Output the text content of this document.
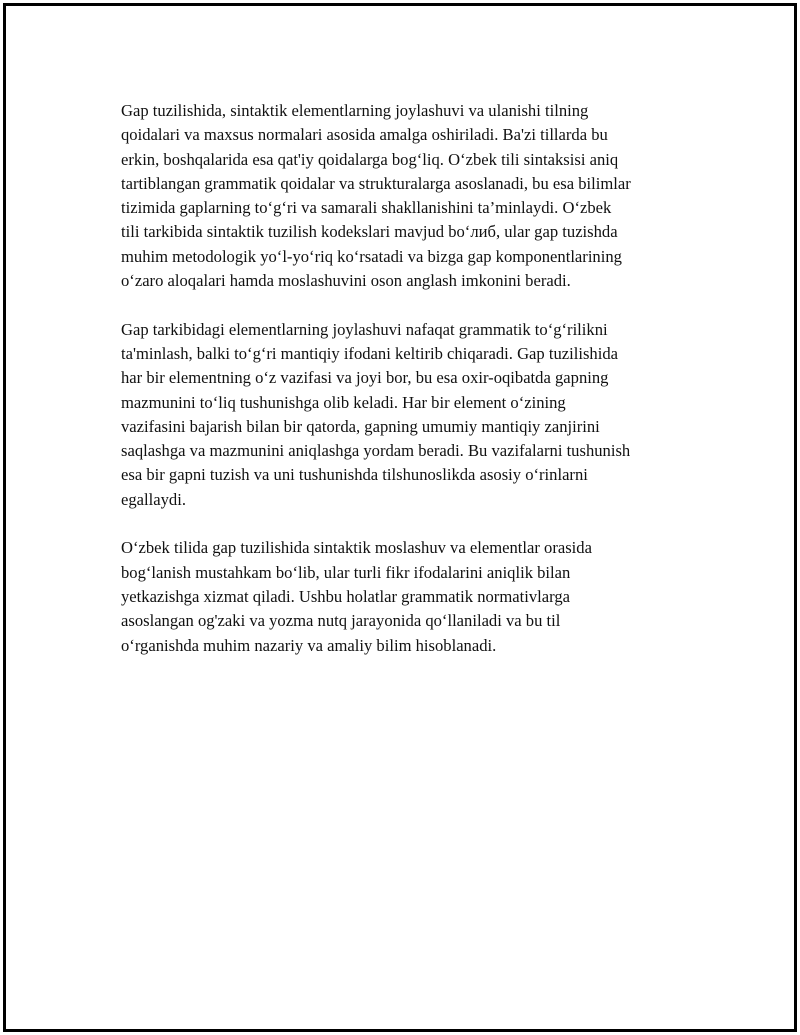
Gap tuzilishida, sintaktik elementlarning joylashuvi va ulanishi tilning
qoidalari va maxsus normalari asosida amalga oshiriladi. Ba'zi tillarda bu
erkin, boshqalarida esa qat'iy qoidalarga bog‘liq. O‘zbek tili sintaksisi aniq
tartiblangan grammatik qoidalar va strukturalarga asoslanadi, bu esa bilimlar
tizimida gaplarning to‘g‘ri va samarali shakllanishini ta’minlaydi. O‘zbek
tili tarkibida sintaktik tuzilish kodekslari mavjud bo‘либ, ular gap tuzishda
muhim metodologik yo‘l-yo‘riq ko‘rsatadi va bizga gap komponentlarining
o‘zaro aloqalari hamda moslashuvini oson anglash imkonini beradi.

Gap tarkibidagi elementlarning joylashuvi nafaqat grammatik to‘g‘rilikni
ta'minlash, balki to‘g‘ri mantiqiy ifodani keltirib chiqaradi. Gap tuzilishida
har bir elementning o‘z vazifasi va joyi bor, bu esa oxir-oqibatda gapning
mazmunini to‘liq tushunishga olib keladi. Har bir element o‘zining
vazifasini bajarish bilan bir qatorda, gapning umumiy mantiqiy zanjirini
saqlashga va mazmunini aniqlashga yordam beradi. Bu vazifalarni tushunish
esa bir gapni tuzish va uni tushunishda tilshunoslikda asosiy o‘rinlarni
egallaydi.

O‘zbek tilida gap tuzilishida sintaktik moslashuv va elementlar orasida
bog‘lanish mustahkam bo‘lib, ular turli fikr ifodalarini aniqlik bilan
yetkazishga xizmat qiladi. Ushbu holatlar grammatik normativlarga
asoslangan og'zaki va yozma nutq jarayonida qo‘llaniladi va bu til
o‘rganishda muhim nazariy va amaliy bilim hisoblanadi.
